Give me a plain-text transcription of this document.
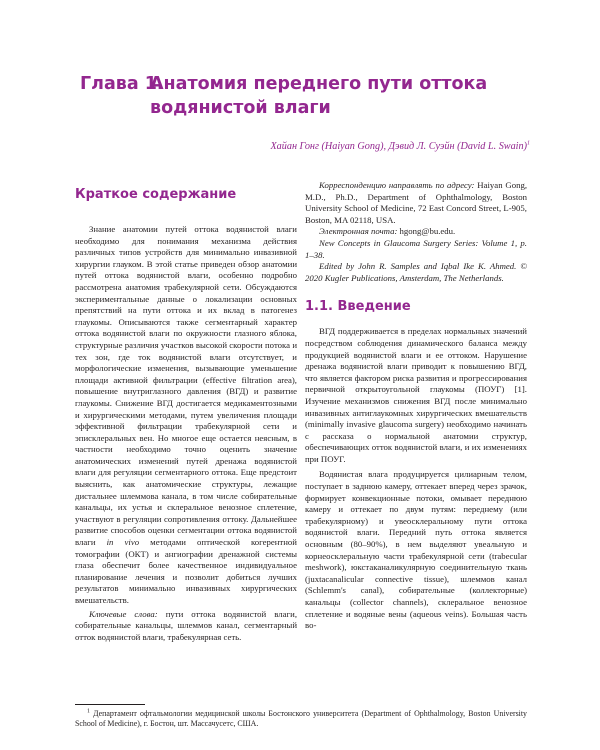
Глава 1.
Анатомия переднего пути оттока водянистой влаги
Хайан Гонг (Haiyan Gong), Дэвид Л. Суэйн (David L. Swain)$^1$
Краткое содержание

Знание анатомии путей оттока водянистой влаги необходимо для понимания механизма действия различных типов устройств для минимально инвазивной хирургии глауком. В этой статье приведен обзор анатомии путей оттока водянистой влаги, особенно подробно рассмотрена анатомия трабекулярной сети. Обсуждаются экспериментальные данные о локализации основных препятствий на пути оттока и их вклад в патогенез глаукомы. Описываются также сегментарный характер оттока водянистой влаги по окружности глазного яблока, структурные различия участков высокой скорости потока и тех зон, где ток водянистой влаги отсутствует, и морфологические изменения, вызывающие уменьшение площади активной фильтрации (effective filtration area), повышение внутриглазного давления (ВГД) и развитие глаукомы. Снижение ВГД достигается медикаментозными и хирургическими методами, путем увеличения площади эффективной фильтрации трабекулярной сети и эписклеральных вен. Но многое еще остается неясным, в частности необходимо точно оценить значение анатомических изменений путей дренажа водянистой влаги для регуляции сегментарного оттока. Еще предстоит выяснить, как анатомические структуры, лежащие дистальнее шлеммова канала, в том числе собирательные канальцы, их устья и склеральное венозное сплетение, участвуют в регуляции сопротивления оттоку. Дальнейшее развитие способов оценки сегментации оттока водянистой влаги in vivo методами оптической когерентной томографии (ОКТ) и ангиографии дренажной системы глаза обеспечит более качественное индивидуальное планирование лечения и позволит добиться лучших результатов минимально инвазивных хирургических вмешательств.

Ключевые слова: пути оттока водянистой влаги, собирательные канальцы, шлеммов канал, сегментарный отток водянистой влаги, трабекулярная сеть.

Корреспонденцию направлять по адресу: Haiyan Gong, M.D., Ph.D., Department of Ophthalmology, Boston University School of Medicine, 72 East Concord Street, L-905, Boston, MA 02118, USA.

Электронная почта: hgong@bu.edu.

New Concepts in Glaucoma Surgery Series: Volume 1, p. 1–38.

Edited by John R. Samples and Iqbal Ike K. Ahmed. © 2020 Kugler Publications, Amsterdam, The Netherlands.

1.1. Введение

ВГД поддерживается в пределах нормальных значений посредством соблюдения динамического баланса между продукцией водянистой влаги и ее оттоком. Нарушение дренажа водянистой влаги приводит к повышению ВГД, что является фактором риска развития и прогрессирования первичной открытоугольной глаукомы (ПОУГ) [1]. Изучение механизмов снижения ВГД после минимально инвазивных антиглаукомных хирургических вмешательств (minimally invasive glaucoma surgery) необходимо начинать с рассказа о нормальной анатомии структур, обеспечивающих отток водянистой влаги, и их изменениях при ПОУГ.

Водянистая влага продуцируется цилиарным телом, поступает в заднюю камеру, оттекает вперед через зрачок, формирует конвекционные потоки, омывает переднюю камеру и оттекает по двум путям: переднему (или трабекулярному) и увеосклеральному пути оттока водянистой влаги. Передний путь оттока является основным (80–90%), в нем выделяют увеальную и корнеосклеральную части трабекулярной сети (trabecular meshwork), юкстаканаликулярную соединительную ткань (juxtacanalicular connective tissue), шлеммов канал (Schlemm's canal), собирательные (коллекторные) канальцы (collector channels), склеральное венозное сплетение и водяные вены (aqueous veins). Большая часть во-

$^1$ Департамент офтальмологии медицинской школы Бостонского университета (Department of Ophthalmology, Boston University School of Medicine), г. Бостон, шт. Массачусетс, США.
